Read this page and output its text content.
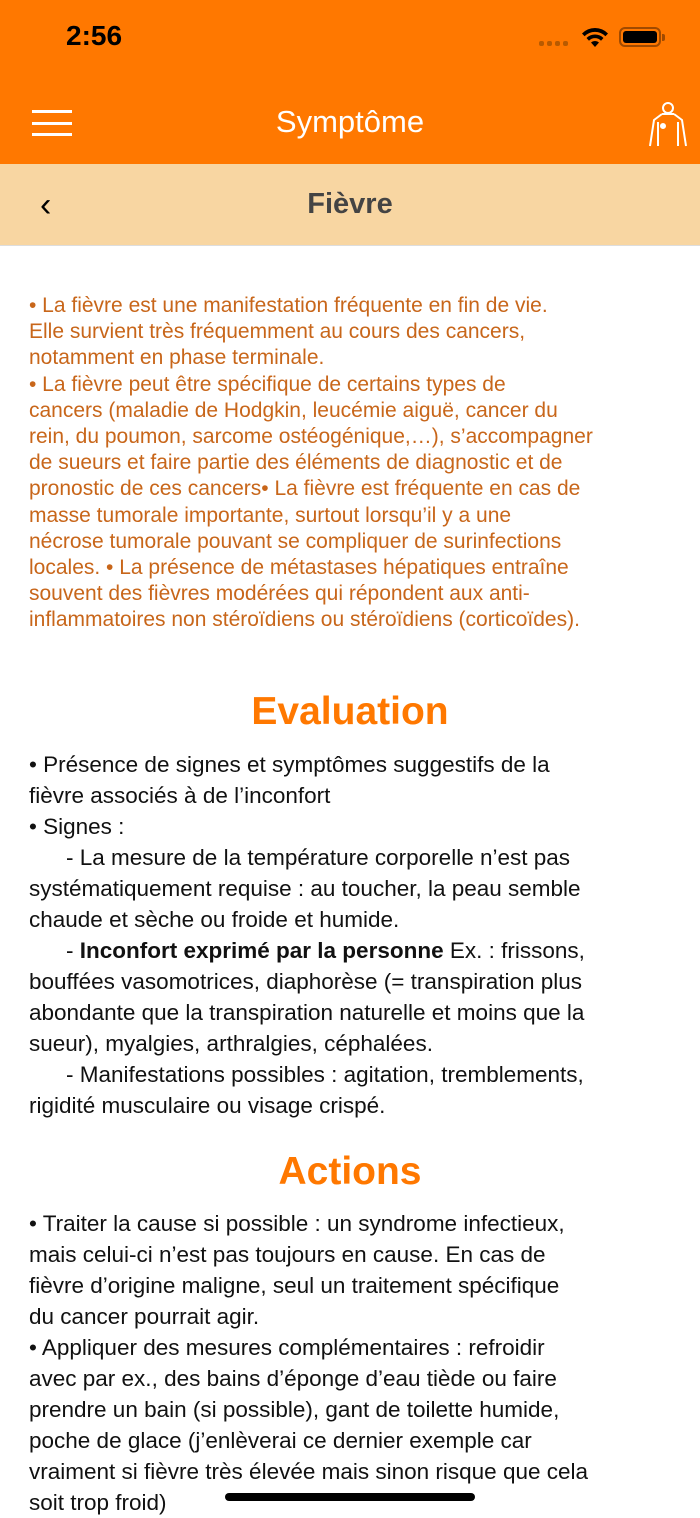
2:56
Symptôme
‹	Fièvre
• La fièvre est une manifestation fréquente en fin de vie.
Elle survient très fréquemment au cours des cancers,
notamment en phase terminale.
• La fièvre peut être spécifique de certains types de
cancers (maladie de Hodgkin, leucémie aiguë, cancer du
rein, du poumon, sarcome ostéogénique,…), s’accompagner
de sueurs et faire partie des éléments de diagnostic et de
pronostic de ces cancers• La fièvre est fréquente en cas de
masse tumorale importante, surtout lorsqu’il y a une
nécrose tumorale pouvant se compliquer de surinfections
locales. • La présence de métastases hépatiques entraîne
souvent des fièvres modérées qui répondent aux anti-
inflammatoires non stéroïdiens ou stéroïdiens (corticoïdes).
Evaluation
• Présence de signes et symptômes suggestifs de la
fièvre associés à de l’inconfort
• Signes :
- La mesure de la température corporelle n’est pas
systématiquement requise : au toucher, la peau semble
chaude et sèche ou froide et humide.
- Inconfort exprimé par la personne Ex. : frissons,
bouffées vasomotrices, diaphorèse (= transpiration plus
abondante que la transpiration naturelle et moins que la
sueur), myalgies, arthralgies, céphalées.
- Manifestations possibles : agitation, tremblements,
rigidité musculaire ou visage crispé.
Actions
• Traiter la cause si possible : un syndrome infectieux,
mais celui-ci n’est pas toujours en cause. En cas de
fièvre d’origine maligne, seul un traitement spécifique
du cancer pourrait agir.
• Appliquer des mesures complémentaires : refroidir
avec par ex., des bains d’éponge d’eau tiède ou faire
prendre un bain (si possible), gant de toilette humide,
poche de glace (j’enlèverai ce dernier exemple car
vraiment si fièvre très élevée mais sinon risque que cela
soit trop froid)
